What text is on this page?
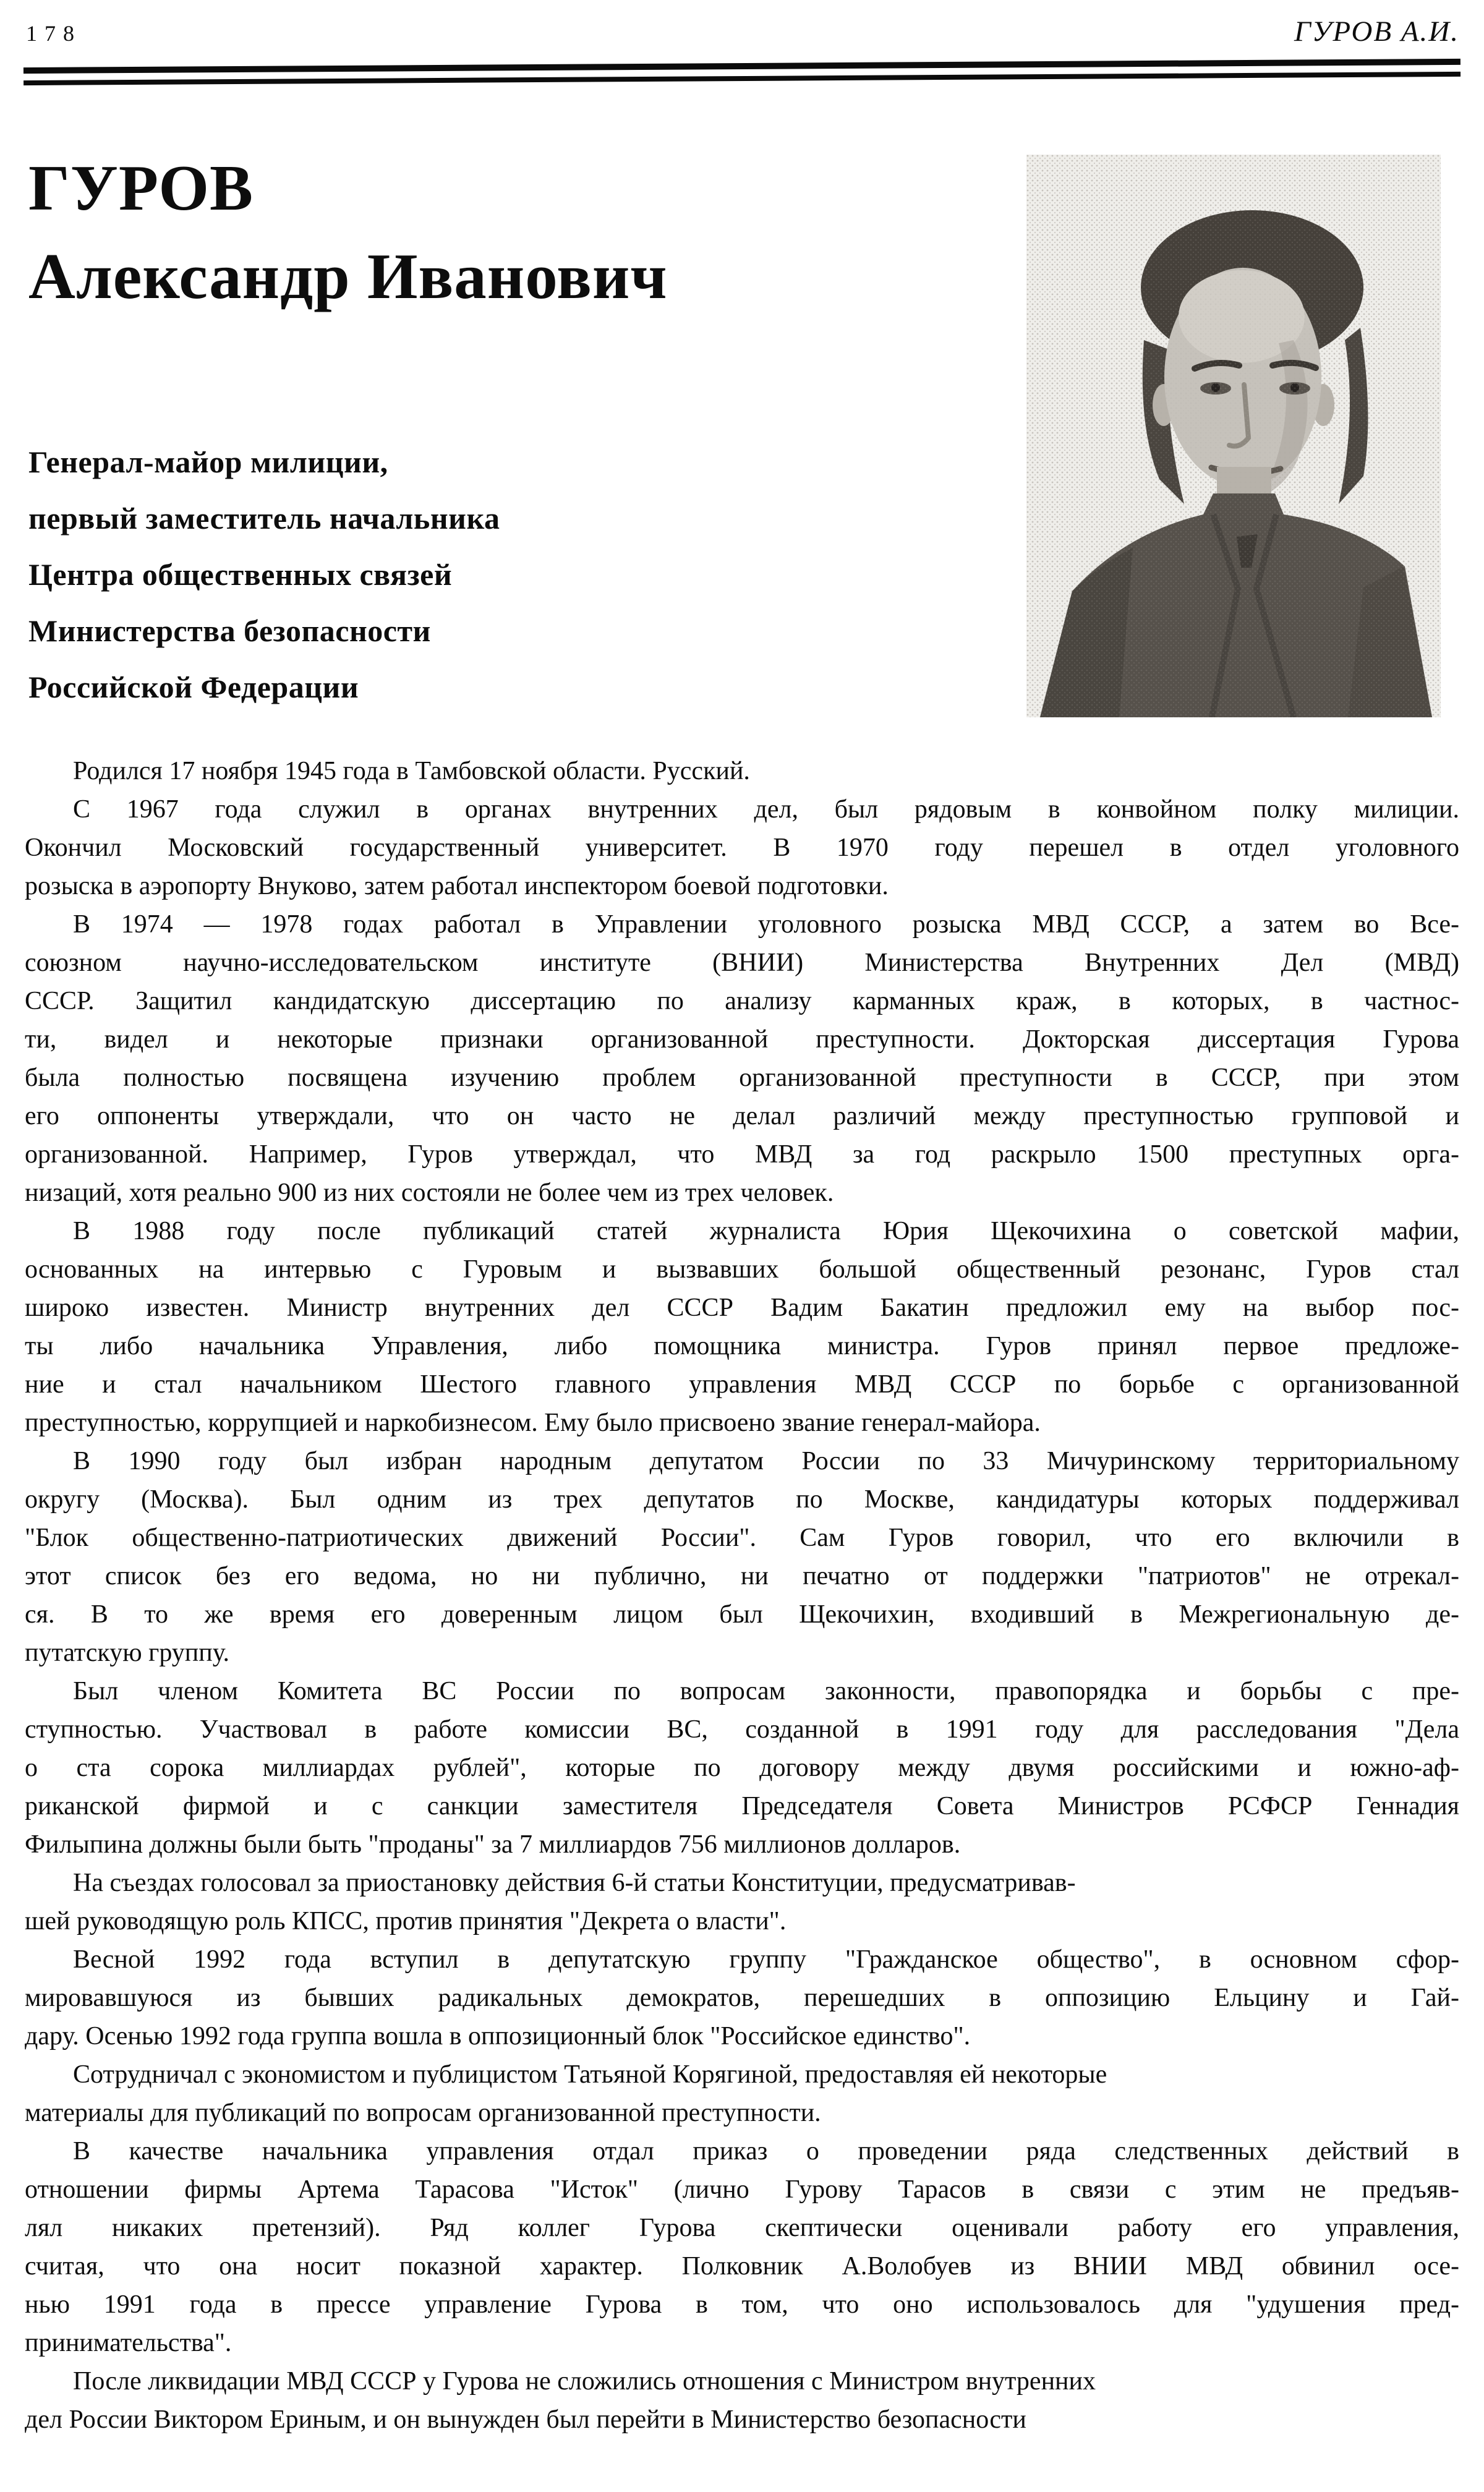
178	ГУРОВ А.И.
ГУРОВ
Александр Иванович
Генерал-майор милиции,
первый заместитель начальника
Центра общественных связей
Министерства безопасности
Российской Федерации
Родился 17 ноября 1945 года в Тамбовской области. Русский.
С 1967 года служил в органах внутренних дел, был рядовым в конвойном полку милиции.
Окончил Московский государственный университет. В 1970 году перешел в отдел уголовного
розыска в аэропорту Внуково, затем работал инспектором боевой подготовки.
В 1974 — 1978 годах работал в Управлении уголовного розыска МВД СССР, а затем во Все-
союзном научно-исследовательском институте (ВНИИ) Министерства Внутренних Дел (МВД)
СССР. Защитил кандидатскую диссертацию по анализу карманных краж, в которых, в частнос-
ти, видел и некоторые признаки организованной преступности. Докторская диссертация Гурова
была полностью посвящена изучению проблем организованной преступности в СССР, при этом
его оппоненты утверждали, что он часто не делал различий между преступностью групповой и
организованной. Например, Гуров утверждал, что МВД за год раскрыло 1500 преступных орга-
низаций, хотя реально 900 из них состояли не более чем из трех человек.
В 1988 году после публикаций статей журналиста Юрия Щекочихина о советской мафии,
основанных на интервью с Гуровым и вызвавших большой общественный резонанс, Гуров стал
широко известен. Министр внутренних дел СССР Вадим Бакатин предложил ему на выбор пос-
ты либо начальника Управления, либо помощника министра. Гуров принял первое предложе-
ние и стал начальником Шестого главного управления МВД СССР по борьбе с организованной
преступностью, коррупцией и наркобизнесом. Ему было присвоено звание генерал-майора.
В 1990 году был избран народным депутатом России по 33 Мичуринскому территориальному
округу (Москва). Был одним из трех депутатов по Москве, кандидатуры которых поддерживал
"Блок общественно-патриотических движений России". Сам Гуров говорил, что его включили в
этот список без его ведома, но ни публично, ни печатно от поддержки "патриотов" не отрекал-
ся. В то же время его доверенным лицом был Щекочихин, входивший в Межрегиональную де-
путатскую группу.
Был членом Комитета ВС России по вопросам законности, правопорядка и борьбы с пре-
ступностью. Участвовал в работе комиссии ВС, созданной в 1991 году для расследования "Дела
о ста сорока миллиардах рублей", которые по договору между двумя российскими и южно-аф-
риканской фирмой и с санкции заместителя Председателя Совета Министров РСФСР Геннадия
Филыпина должны были быть "проданы" за 7 миллиардов 756 миллионов долларов.
На съездах голосовал за приостановку действия 6-й статьи Конституции, предусматривав-
шей руководящую роль КПСС, против принятия "Декрета о власти".
Весной 1992 года вступил в депутатскую группу "Гражданское общество", в основном сфор-
мировавшуюся из бывших радикальных демократов, перешедших в оппозицию Ельцину и Гай-
дару. Осенью 1992 года группа вошла в оппозиционный блок "Российское единство".
Сотрудничал с экономистом и публицистом Татьяной Корягиной, предоставляя ей некоторые
материалы для публикаций по вопросам организованной преступности.
В качестве начальника управления отдал приказ о проведении ряда следственных действий в
отношении фирмы Артема Тарасова "Исток" (лично Гурову Тарасов в связи с этим не предъяв-
лял никаких претензий). Ряд коллег Гурова скептически оценивали работу его управления,
считая, что она носит показной характер. Полковник А.Волобуев из ВНИИ МВД обвинил осе-
нью 1991 года в прессе управление Гурова в том, что оно использовалось для "удушения пред-
принимательства".
После ликвидации МВД СССР у Гурова не сложились отношения с Министром внутренних
дел России Виктором Ериным, и он вынужден был перейти в Министерство безопасности
